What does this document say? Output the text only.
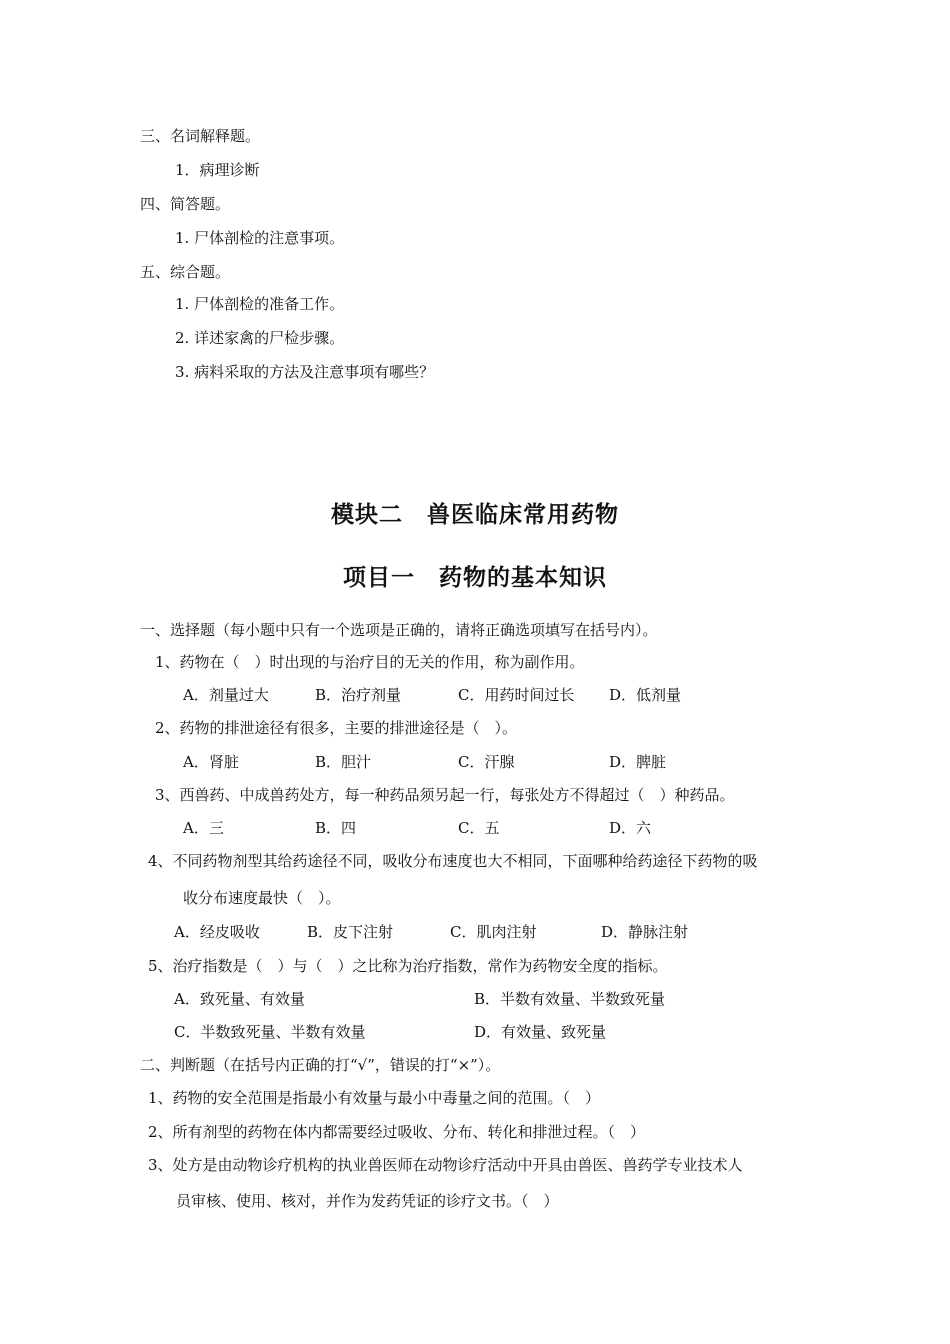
三、名词解释题。
1．病理诊断
四、简答题。
1. 尸体剖检的注意事项。
五、综合题。
1. 尸体剖检的准备工作。
2. 详述家禽的尸检步骤。
3. 病料采取的方法及注意事项有哪些？
模块二　兽医临床常用药物
项目一　药物的基本知识
一、选择题（每小题中只有一个选项是正确的，请将正确选项填写在括号内）。
1、药物在（　）时出现的与治疗目的无关的作用，称为副作用。
A．剂量过大	B．治疗剂量	C．用药时间过长 D．低剂量
2、药物的排泄途径有很多，主要的排泄途径是（　）。
A．肾脏	B．胆汁	C．汗腺	D．脾脏
3、西兽药、中成兽药处方，每一种药品须另起一行，每张处方不得超过（　）种药品。
A．三	B．四	C．五	D．六
4、不同药物剂型其给药途径不同，吸收分布速度也大不相同，下面哪种给药途径下药物的吸
收分布速度最快（　）。
A．经皮吸收	B．皮下注射	C．肌肉注射	D．静脉注射
5、治疗指数是（　）与（　）之比称为治疗指数，常作为药物安全度的指标。
A．致死量、有效量	B．半数有效量、半数致死量
C．半数致死量、半数有效量	D．有效量、致死量
二、判断题（在括号内正确的打“√”，错误的打“×”）。
1、药物的安全范围是指最小有效量与最小中毒量之间的范围。（　）
2、所有剂型的药物在体内都需要经过吸收、分布、转化和排泄过程。（　）
3、处方是由动物诊疗机构的执业兽医师在动物诊疗活动中开具由兽医、兽药学专业技术人
员审核、使用、核对，并作为发药凭证的诊疗文书。（　）
